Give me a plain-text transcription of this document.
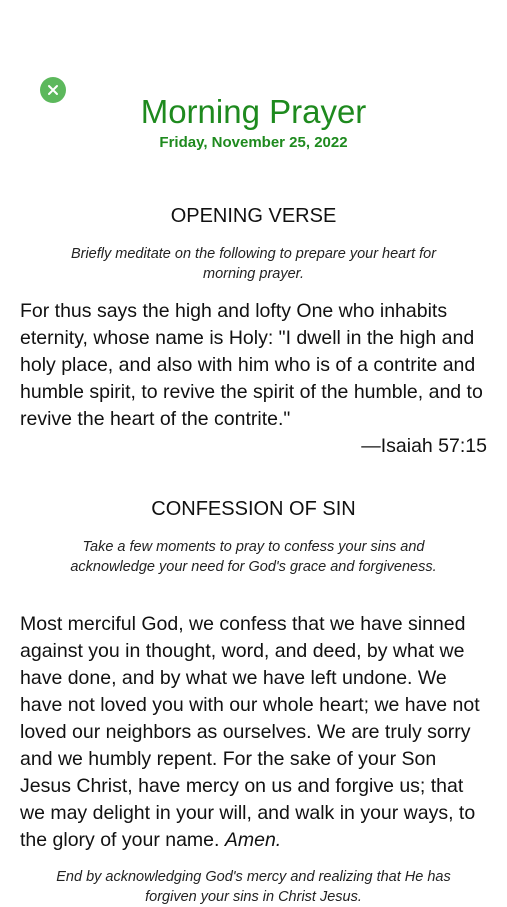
Morning Prayer
Friday, November 25, 2022
OPENING VERSE
Briefly meditate on the following to prepare your heart for morning prayer.
For thus says the high and lofty One who inhabits eternity, whose name is Holy: "I dwell in the high and holy place, and also with him who is of a contrite and humble spirit, to revive the spirit of the humble, and to revive the heart of the contrite."
—Isaiah 57:15
CONFESSION OF SIN
Take a few moments to pray to confess your sins and acknowledge your need for God's grace and forgiveness.
Most merciful God, we confess that we have sinned against you in thought, word, and deed, by what we have done, and by what we have left undone. We have not loved you with our whole heart; we have not loved our neighbors as ourselves. We are truly sorry and we humbly repent. For the sake of your Son Jesus Christ, have mercy on us and forgive us; that we may delight in your will, and walk in your ways, to the glory of your name. Amen.
End by acknowledging God's mercy and realizing that He has forgiven your sins in Christ Jesus.
